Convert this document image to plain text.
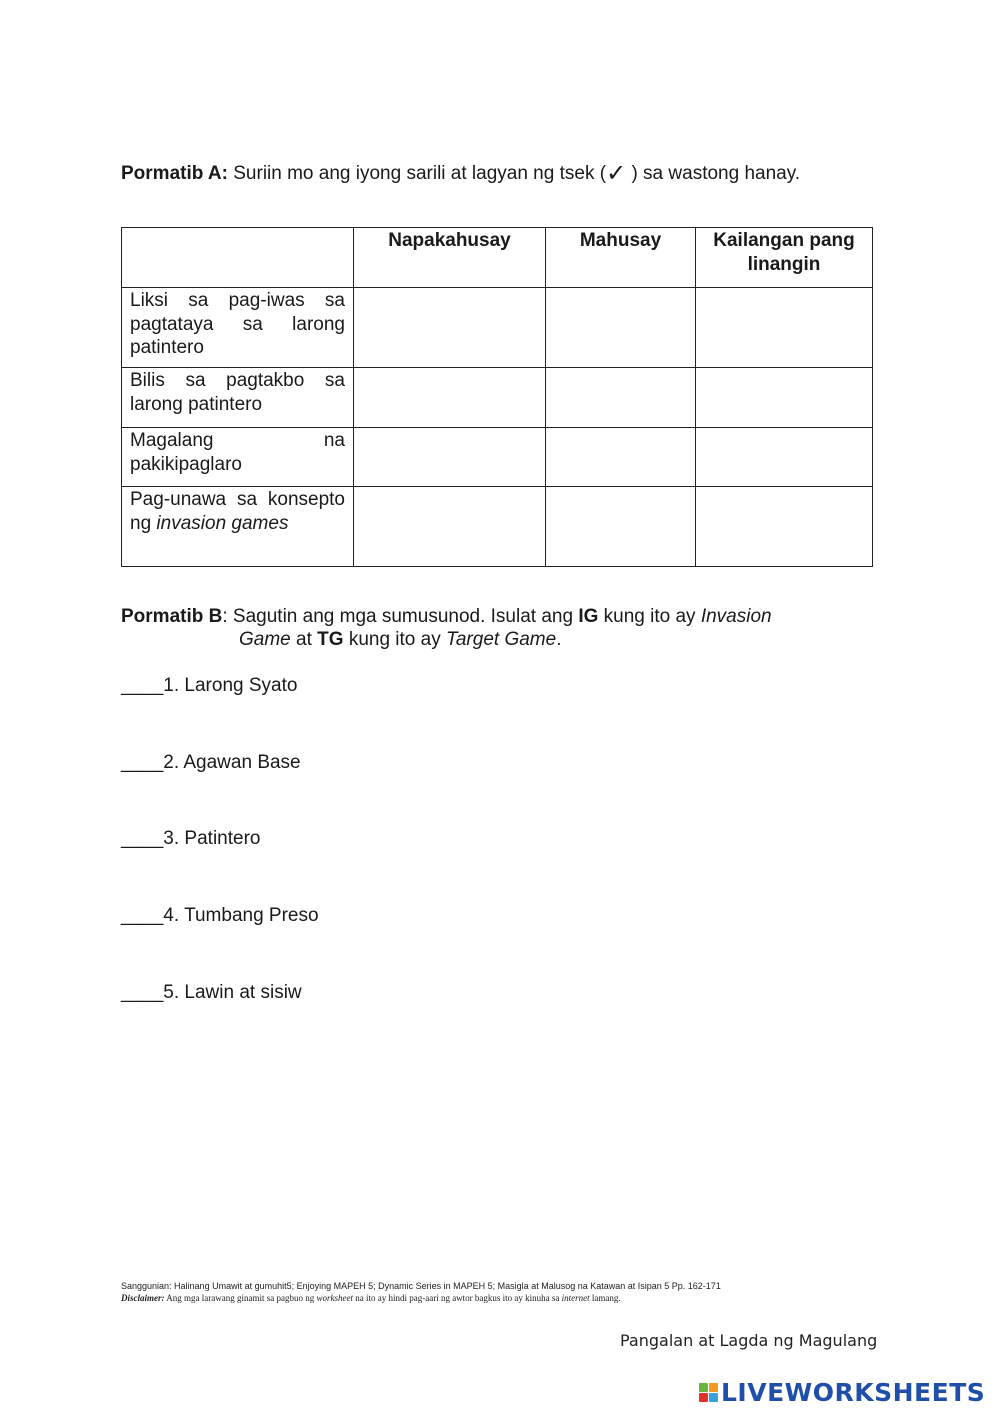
Pormatib A: Suriin mo ang iyong sarili at lagyan ng tsek (✓ ) sa wastong hanay.
	Napakahusay	Mahusay	Kailangan pang linangin

Liksi sa pag-iwas sa pagtataya sa larong patintero			

Bilis sa pagtakbo sa larong patintero			

Magalang na pakikipaglaro			

Pag-unawa sa konsepto ng invasion games			

Pormatib B: Sagutin ang mga sumusunod. Isulat ang IG kung ito ay Invasion
Game at TG kung ito ay Target Game.
____1. Larong Syato
____2. Agawan Base
____3. Patintero
____4. Tumbang Preso
____5. Lawin at sisiw
Sanggunian: Halinang Umawit at gumuhit5; Enjoying MAPEH 5; Dynamic Series in MAPEH 5; Masigla at Malusog na Katawan at Isipan 5 Pp. 162-171
Disclaimer: Ang mga larawang ginamit sa pagbuo ng worksheet na ito ay hindi pag-aari ng awtor bagkus ito ay kinuha sa internet lamang.
Pangalan at Lagda ng Magulang
LIVEWORKSHEETS
